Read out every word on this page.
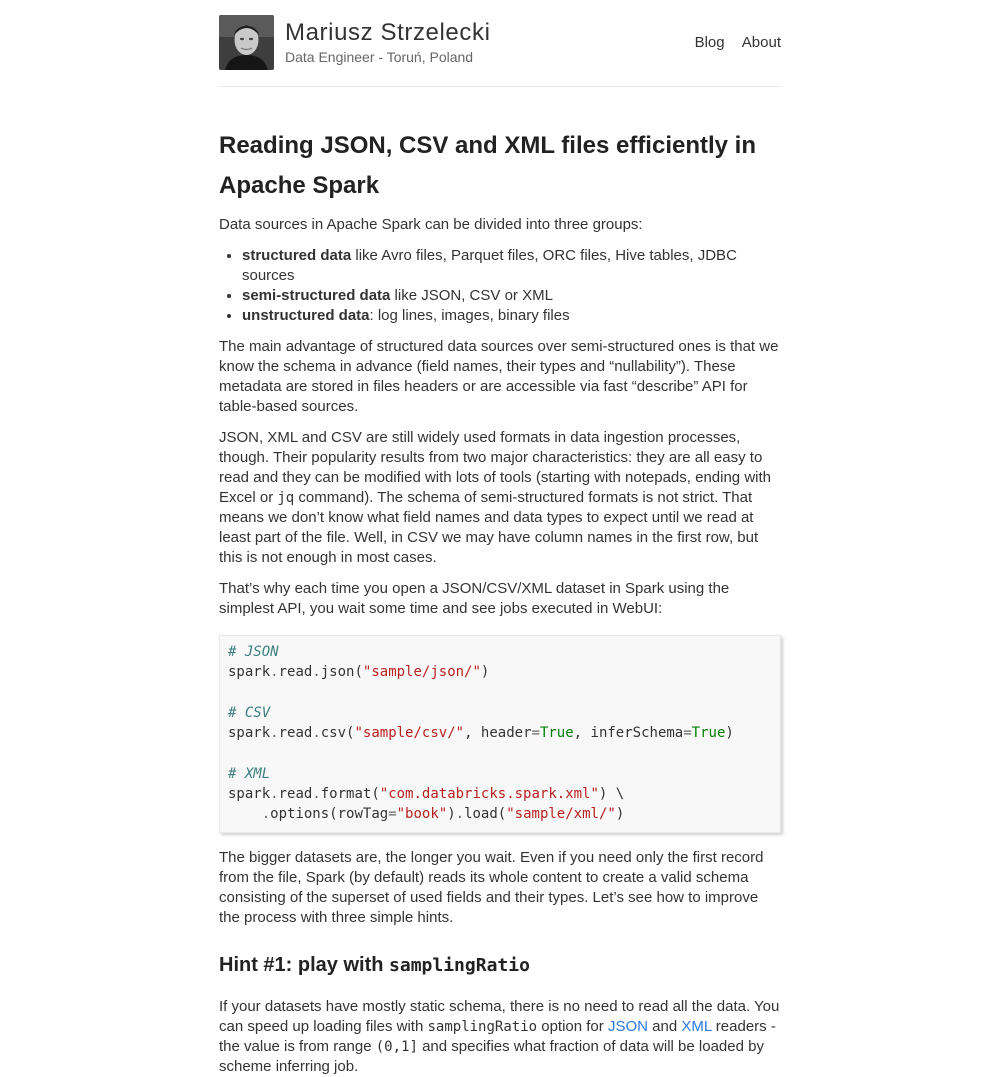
Mariusz Strzelecki
Data Engineer - Toruń, Poland
Blog About
Reading JSON, CSV and XML files efficiently in Apache Spark

Data sources in Apache Spark can be divided into three groups:

• structured data like Avro files, Parquet files, ORC files, Hive tables, JDBC sources
• semi-structured data like JSON, CSV or XML
• unstructured data: log lines, images, binary files

The main advantage of structured data sources over semi-structured ones is that we know the schema in advance (field names, their types and “nullability”). These metadata are stored in files headers or are accessible via fast “describe” API for table-based sources.

JSON, XML and CSV are still widely used formats in data ingestion processes, though. Their popularity results from two major characteristics: they are all easy to read and they can be modified with lots of tools (starting with notepads, ending with Excel or jq command). The schema of semi-structured formats is not strict. That means we don’t know what field names and data types to expect until we read at least part of the file. Well, in CSV we may have column names in the first row, but this is not enough in most cases.

That’s why each time you open a JSON/CSV/XML dataset in Spark using the simplest API, you wait some time and see jobs executed in WebUI:

# JSON
spark.read.json("sample/json/")

# CSV
spark.read.csv("sample/csv/", header=True, inferSchema=True)

# XML
spark.read.format("com.databricks.spark.xml") \
.options(rowTag="book").load("sample/xml/")

The bigger datasets are, the longer you wait. Even if you need only the first record from the file, Spark (by default) reads its whole content to create a valid schema consisting of the superset of used fields and their types. Let’s see how to improve the process with three simple hints.

Hint #1: play with samplingRatio

If your datasets have mostly static schema, there is no need to read all the data. You can speed up loading files with samplingRatio option for JSON and XML readers - the value is from range (0,1] and specifies what fraction of data will be loaded by scheme inferring job.
